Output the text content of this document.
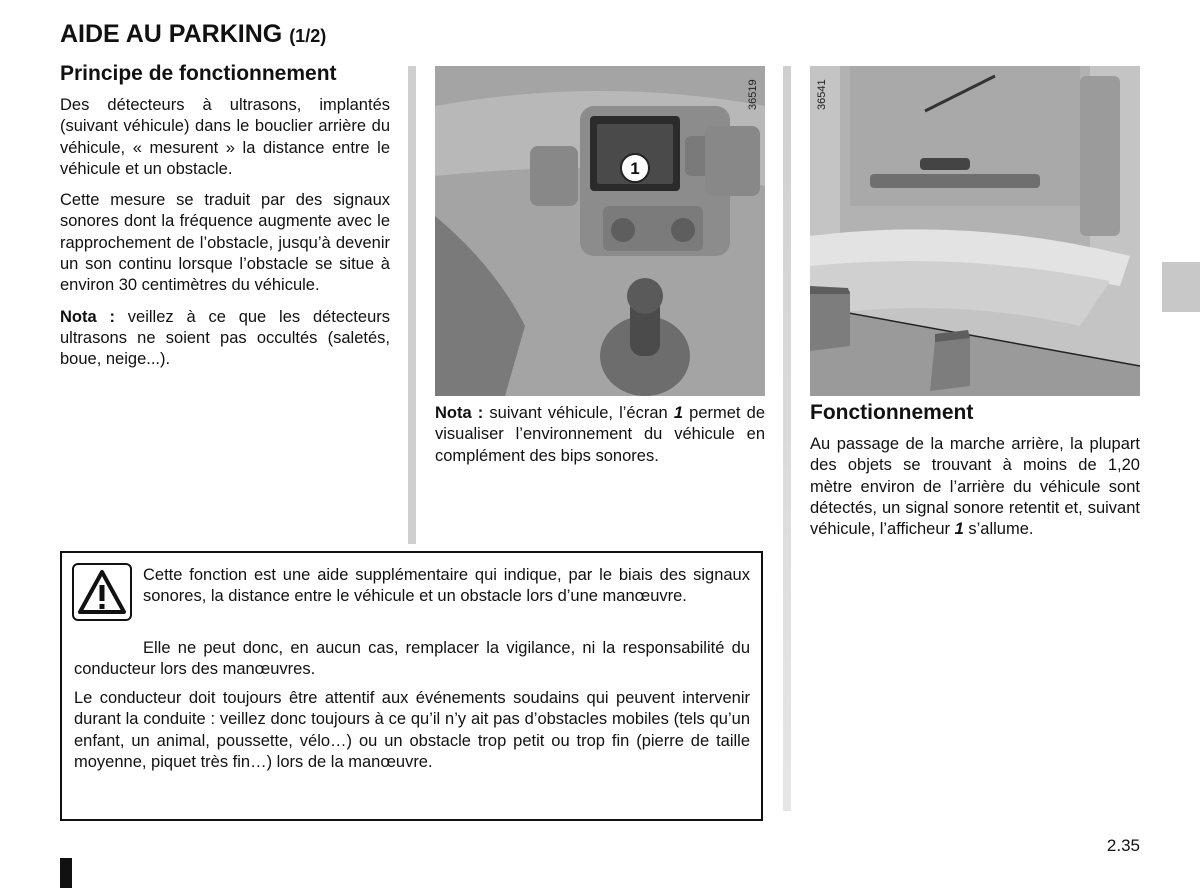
AIDE AU PARKING (1/2)
Principe de fonctionnement

Des détecteurs à ultrasons, implantés (suivant véhicule) dans le bouclier arrière du véhicule, « mesurent » la distance entre le véhicule et un obstacle.

Cette mesure se traduit par des signaux sonores dont la fréquence augmente avec le rapprochement de l’obstacle, jusqu’à devenir un son continu lorsque l’obstacle se situe à environ 30 centimètres du véhicule.

Nota : veillez à ce que les détecteurs ultrasons ne soient pas occultés (saletés, boue, neige...).

1
36519

Nota : suivant véhicule, l’écran 1 permet de visualiser l’environnement du véhicule en complément des bips sonores.

36541
Fonctionnement

Au passage de la marche arrière, la plupart des objets se trouvant à moins de 1,20 mètre environ de l’arrière du véhicule sont détectés, un signal sonore retentit et, suivant véhicule, l’afficheur 1 s’allume.

Cette fonction est une aide supplémentaire qui indique, par le biais des signaux sonores, la distance entre le véhicule et un obstacle lors d’une manœuvre.

Elle ne peut donc, en aucun cas, remplacer la vigilance, ni la responsabilité du conducteur lors des manœuvres.

Le conducteur doit toujours être attentif aux événements soudains qui peuvent intervenir durant la conduite : veillez donc toujours à ce qu’il n’y ait pas d’obstacles mobiles (tels qu’un enfant, un animal, poussette, vélo…) ou un obstacle trop petit ou trop fin (pierre de taille moyenne, piquet très fin…) lors de la manœuvre.

2.35
